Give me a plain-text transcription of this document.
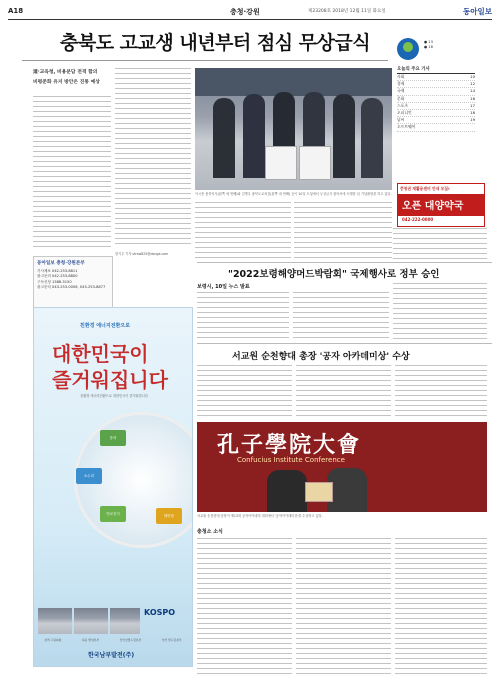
A18	충청·강원	제23208호 2018년 12월 11일 화요일	동아일보
충북도 고교생 내년부터 점심 무상급식
道·교육청, 비용분담 전격 합의
비평준화 유지 방안은 진통 예상
이시종 충북지사(왼쪽 세 번째)와 김병우 충북도교육감(왼쪽 네 번째) 등이 10일 도청에서 무상급식 합의서에 서명한 뒤 기념촬영을 하고 있다.
동아일보 충청·강원본부
기사제보 042-253-8811
광고문의 042-253-8800
구독신청 1588-5150
광고문의 043-253-0006, 043-253-8877
장기우 기자 straw825@donga.com
● 13
● 18
오늘의 주요 기사
사회	10
경제	12
국제	14
문화	16
스포츠	17
오피니언	18
날씨	19
소프트웨어
충청권 재활용센터 안내 모집!
오픈 대양약국
042-222-0000
"2022보령해양머드박람회" 국제행사로 정부 승인
보령시, 10일 누스 발표
친환경 에너지전환으로
대한민국이
즐거워집니다
친환경 에너지전환으로 대한민국이 즐거워집니다
풍력
소수력
연료전지	태양광
KOSPO
삼척 그린파워	하동 발전본부	신인천빛드림본부	부산 빛드림본부
한국남부발전(주)
서교원 순천향대 총장 '공자 아카데미상' 수상
孔子學院大會
Confucius Institute Conference
서교원 순천향대 총장이 제13회 공자아카데미 대회에서 '공자아카데미상'을 수상하고 있다.
충청소 소식
